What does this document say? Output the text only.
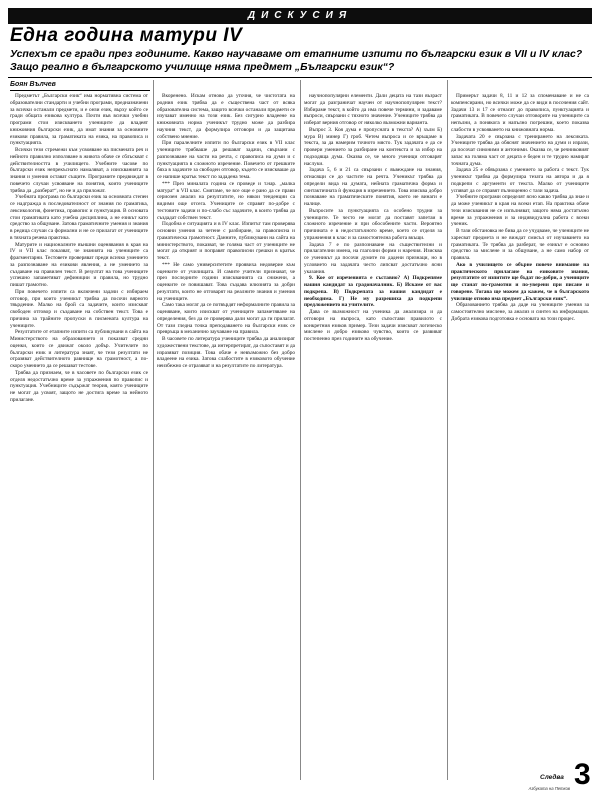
ДИСКУСИЯ
Една година матури IV

Успехът се гради през годините. Какво научаваме от етапните изпити по български език в VII и IV клас? Защо реално в българското училище няма предмет „Български език“?

Боян Вълчев

Предметът „Български език“ има нормативна система от образователни стандарти и учебни програми, предназначени за всички останали предмети, и е онзи език, върху който се гради общата езикова култура. Почти във всички учебни програми стои изискването учениците да владеят книжовния български език, да имат знания за основните езикови правила, за граматиката на езика, на правописа и пунктуацията.

Всички тези стремежи към усвояване на писмената реч и нейното правилно използване в живота обаче се сблъскват с действителността в училището. Учебните часове по български език непрекъснато намаляват, а изискванията за знания и умения остават същите. Програмите предвиждат в повечето случаи усвояване на понятия, които учениците трябва да „разберат“, но не и да приложат.

Учебната програма по български език за основната степен се надгражда в последователност от знания по граматика, лексикология, фонетика, правопис и пунктуация. В основата стои граматиката като учебна дисциплина, а не езикът като средство за общуване. Затова граматичните умения и знания в редица случаи са формални и не се прилагат от учениците в тяхната речева практика.

Матурите и националните външни оценявания в края на IV и VII клас показват, че знанията на учениците са фрагментарни. Тестовете проверяват преди всичко умението за разпознаване на езикови явления, а не умението за създаване на правилен текст. В резултат на това учениците успешно запаметяват дефиниции и правила, но трудно пишат грамотно.

При повечето изпити са включени задачи с избираем отговор, при които ученикът трябва да посочи вярното твърдение. Малко на брой са задачите, които изискват свободен отговор и създаване на собствен текст. Това е причина за трайните пропуски в писмената култура на учениците.

Резултатите от етапните изпити са публикувани в сайта на Министерството на образованието и показват средни оценки, които се движат около добър. Учителите по български език и литература знаят, че тези резултати не отразяват действителното равнище на грамотност, а по-скоро умението да се решават тестове.

Трябва да признаем, че в часовете по български език се отделя недостатъчно време за упражнения по правопис и пунктуация. Учебниците съдържат теория, която учениците не могат да усвоят, защото не достига време за нейното прилагане.

Вкоренено. Искам отново да уточня, че чистотата на родния език трябва да е съществена част от всяка образователна система, защото всички останали предмети се изучават именно на този език. Без сигурно владеене на книжовната норма ученикът трудно може да разбира научния текст, да формулира отговори и да защитава собствено мнение.

При паралелните изпити по български език в VII клас учениците трябваше да решават задачи, свързани с разпознаване на части на речта, с правописа на думи и с пунктуацията в сложното изречение. Повечето от грешките бяха в задачите за свободен отговор, където се изискваше да се напише кратък текст по зададена тема.

*** През миналата година се проведе и т.нар. „малка матура“ в VII клас. Смятаме, че все още е рано да се прави сериозен анализ на резултатите, но някои тенденции са видими още отсега. Учениците се справят по-добре с тестовите задачи и по-слабо със задачите, в които трябва да създадат собствен текст.

Подобна е ситуацията и в IV клас. Изпитът там проверява основни умения за четене с разбиране, за правописна и граматическа грамотност. Данните, публикувани на сайта на министерството, показват, че голяма част от учениците не могат да открият и поправят правописни грешки в кратък текст.

*** Не само университетите проявиха недоверие към оценките от училищата. И самите учители признават, че през последните години изискванията са снижени, а оценките се повишават. Това създава илюзията за добри резултати, които не отговарят на реалните знания и умения на учениците.

Само така могат да се потвърдят неформалните правила за оценяване, които изискват от учениците запаметяване на определения, без да се проверява дали могат да ги прилагат. От тази гледна точка преподаването на български език се превръща в механично заучаване на правила.

В часовете по литература учениците трябва да анализират художествени текстове, да интерпретират, да съпоставят и да изразяват позиция. Това обаче е невъзможно без добро владеене на езика. Затова слабостите в езиковото обучение неизбежно се отразяват и на резултатите по литература.

научнопопулярни елементи. Дали децата на тази възраст могат да разграничат научен от научнопопулярен текст? Избираме текст, в който да има повече термини, и задаваме въпроси, свързани с тяхното значение. Учениците трябва да изберат верния отговор от няколко възможни варианта.

Въпрос 3. Коя дума е пропусната в текста? А) хълм Б) мура В) минер Г) гроб. Четем въпроса и се връщаме в текста, за да намерим точното място. Тук задачата е да се провери умението за разбиране на контекста и за избор на подходяща дума. Оказва се, че много ученици отговарят наслуки.

Задача 5, 6 и 21 са свързани с въвеждане на знания, отнасящи се до частите на речта. Ученикът трябва да определи вида на думата, нейната граматична форма и синтактичната ѝ функция в изречението. Това изисква добро познаване на граматическите понятия, което не винаги е налице.

Въпросите за пунктуацията са особено трудни за учениците. Те често не могат да поставят запетаи в сложното изречение и при обособените части. Вероятно причината е в недостатъчното време, което се отделя за упражнения в клас и за самостоятелна работа вкъщи.

Задача 7 е по разпознаване на съществителни и прилагателни имена, на глаголни форми и наречия. Изисква се ученикът да посочи думите по дадени признаци, но в условието на задачата често липсват достатъчно ясни указания.

9. Кое от изреченията е съставно? А) Подкрепяме нашия кандидат за градоначалник. Б) Искаме от вас подкрепа. В) Подкрепата за нашия кандидат е необходима. Г) Не му разрешиха да подкрепи предложението на учителите.

Дава се възможност на ученика да анализира и да отговори на въпроса, като съпостави правилото с конкретния езиков пример. Тези задачи изискват логическо мислене и добро езиково чувство, които се развиват постепенно през годините на обучение.

Примерът задачи 8, 11 и 12 за споменаване и не са компенсирани, но всички може да се види в посочения сайт. Задачи 13 и 17 се отнасят до правописа, пунктуацията и граматиката. В повечето случаи отговорите на учениците са непълни, а понякога и напълно погрешни, което показва слабости в усвояването на книжовната норма.

Задачата 20 е свързана с тренирането на лексиката. Учениците трябва да обяснят значението на думи и изрази, да посочат синоними и антоними. Оказва се, че речниковият запас на голяма част от децата е беден и те трудно намират точната дума.

Задача 25 е обвързана с умението за работа с текст. Тук ученикът трябва да формулира тезата на автора и да я подкрепи с аргументи от текста. Малко от учениците успяват да се справят пълноценно с тази задача.

Учебните програми определят ясно какво трябва да знае и да може ученикът в края на всеки етап. На практика обаче тези изисквания не се изпълняват, защото няма достатъчно време за упражнения и за индивидуална работа с всеки ученик.

В тази обстановка не бива да се учудваме, че учениците не харесват предмета и не виждат смисъл от изучаването на граматиката. Те трябва да разберат, че езикът е основно средство за мислене и за общуване, а не само набор от правила.

Ако в училището се обърне повече внимание на практическото прилагане на езиковите знания, резултатите от изпитите ще бъдат по-добри, а учениците ще станат по-грамотни и по-уверени при писане и говорене. Тогава ще можем да кажем, че в българското училище отново има предмет „Български език“.

Образованието трябва да даде на учениците умения за самостоятелно мислене, за анализ и синтез на информация. Добрата езикова подготовка е основата на този процес.

Следва 3
Азбуката на Петков
